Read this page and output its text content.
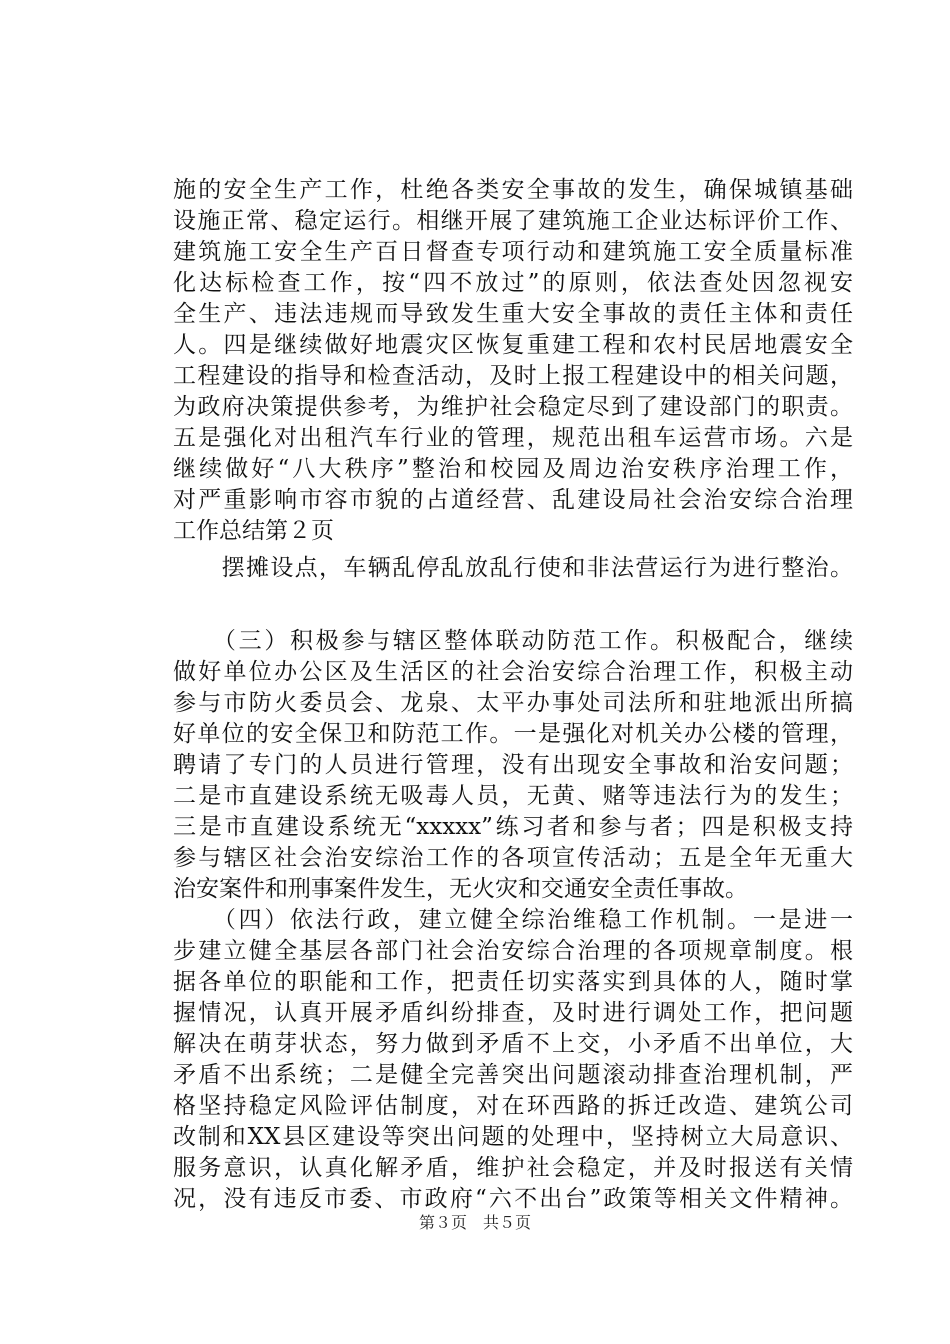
施的安全生产工作，杜绝各类安全事故的发生，确保城镇基础
设施正常、稳定运行。相继开展了建筑施工企业达标评价工作、
建筑施工安全生产百日督查专项行动和建筑施工安全质量标准
化达标检查工作，按“四不放过”的原则，依法查处因忽视安
全生产、违法违规而导致发生重大安全事故的责任主体和责任
人。四是继续做好地震灾区恢复重建工程和农村民居地震安全
工程建设的指导和检查活动，及时上报工程建设中的相关问题，
为政府决策提供参考，为维护社会稳定尽到了建设部门的职责。
五是强化对出租汽车行业的管理，规范出租车运营市场。六是
继续做好“八大秩序”整治和校园及周边治安秩序治理工作，
对严重影响市容市貌的占道经营、乱建设局社会治安综合治理
工作总结第２页
　　摆摊设点，车辆乱停乱放乱行使和非法营运行为进行整治。
　　（三）积极参与辖区整体联动防范工作。积极配合，继续
做好单位办公区及生活区的社会治安综合治理工作，积极主动
参与市防火委员会、龙泉、太平办事处司法所和驻地派出所搞
好单位的安全保卫和防范工作。一是强化对机关办公楼的管理，
聘请了专门的人员进行管理，没有出现安全事故和治安问题；
二是市直建设系统无吸毒人员，无黄、赌等违法行为的发生；
三是市直建设系统无“xxxxx”练习者和参与者；四是积极支持
参与辖区社会治安综治工作的各项宣传活动；五是全年无重大
治安案件和刑事案件发生，无火灾和交通安全责任事故。
　　（四）依法行政，建立健全综治维稳工作机制。一是进一
步建立健全基层各部门社会治安综合治理的各项规章制度。根
据各单位的职能和工作，把责任切实落实到具体的人，随时掌
握情况，认真开展矛盾纠纷排查，及时进行调处工作，把问题
解决在萌芽状态，努力做到矛盾不上交，小矛盾不出单位，大
矛盾不出系统；二是健全完善突出问题滚动排查治理机制，严
格坚持稳定风险评估制度，对在环西路的拆迁改造、建筑公司
改制和XX县区建设等突出问题的处理中，坚持树立大局意识、
服务意识，认真化解矛盾，维护社会稳定，并及时报送有关情
况，没有违反市委、市政府“六不出台”政策等相关文件精神。
第３页　共５页
